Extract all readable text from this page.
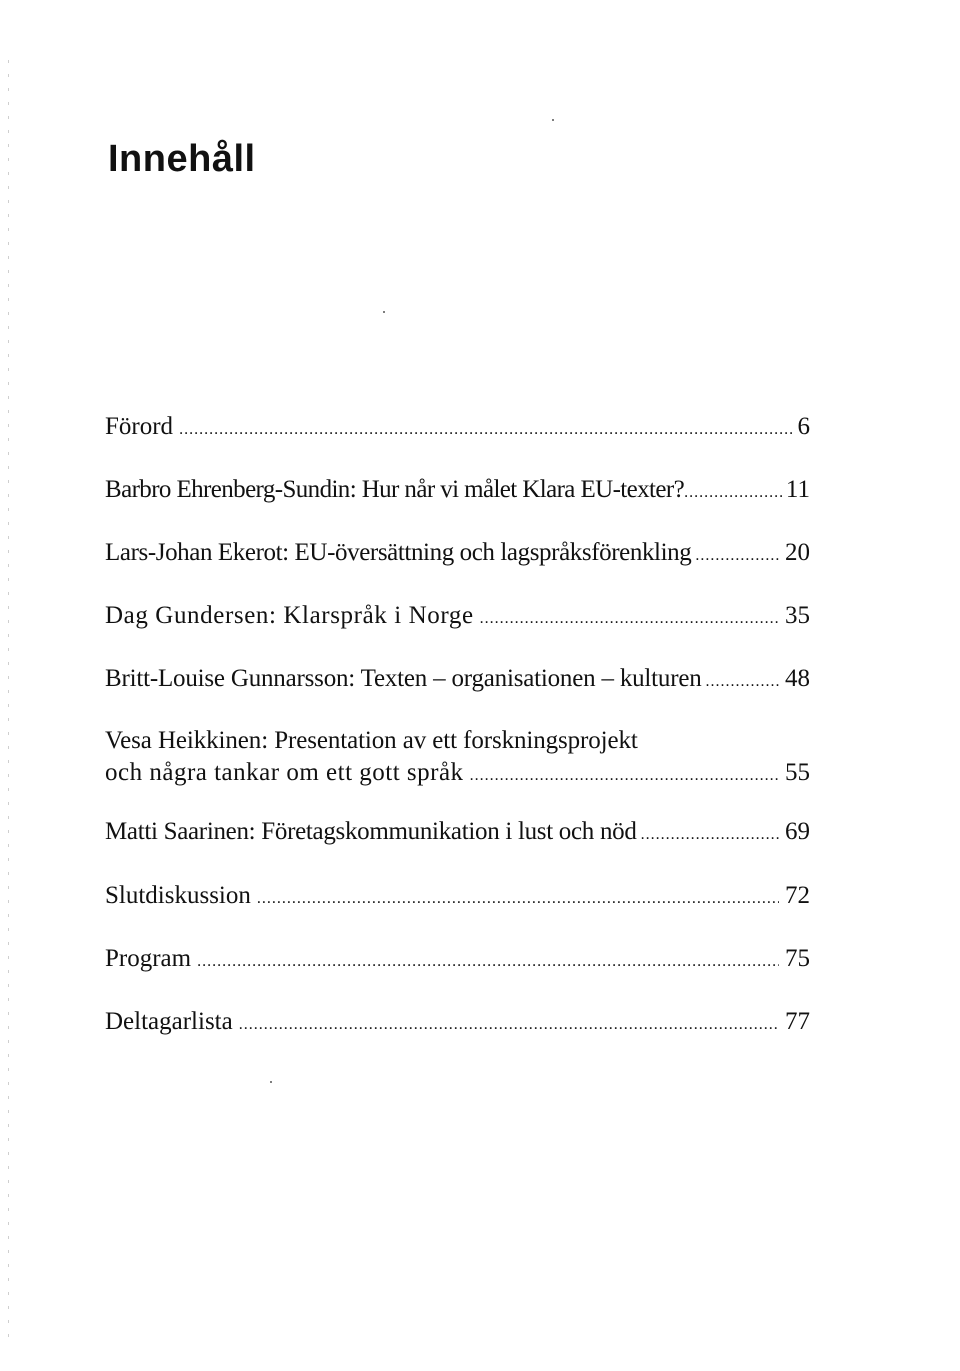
Innehåll
Förord .....	6
Barbro Ehrenberg-Sundin: Hur når vi målet Klara EU-texter? .....	11
Lars-Johan Ekerot: EU-översättning och lagspråksförenkling .....	20
Dag Gundersen: Klarspråk i Norge .....	35
Britt-Louise Gunnarsson: Texten – organisationen – kulturen .....	48
Vesa Heikkinen: Presentation av ett forskningsprojekt
och några tankar om ett gott språk .....	55
Matti Saarinen: Företagskommunikation i lust och nöd .....	69
Slutdiskussion .....	72
Program .....	75
Deltagarlista .....	77
